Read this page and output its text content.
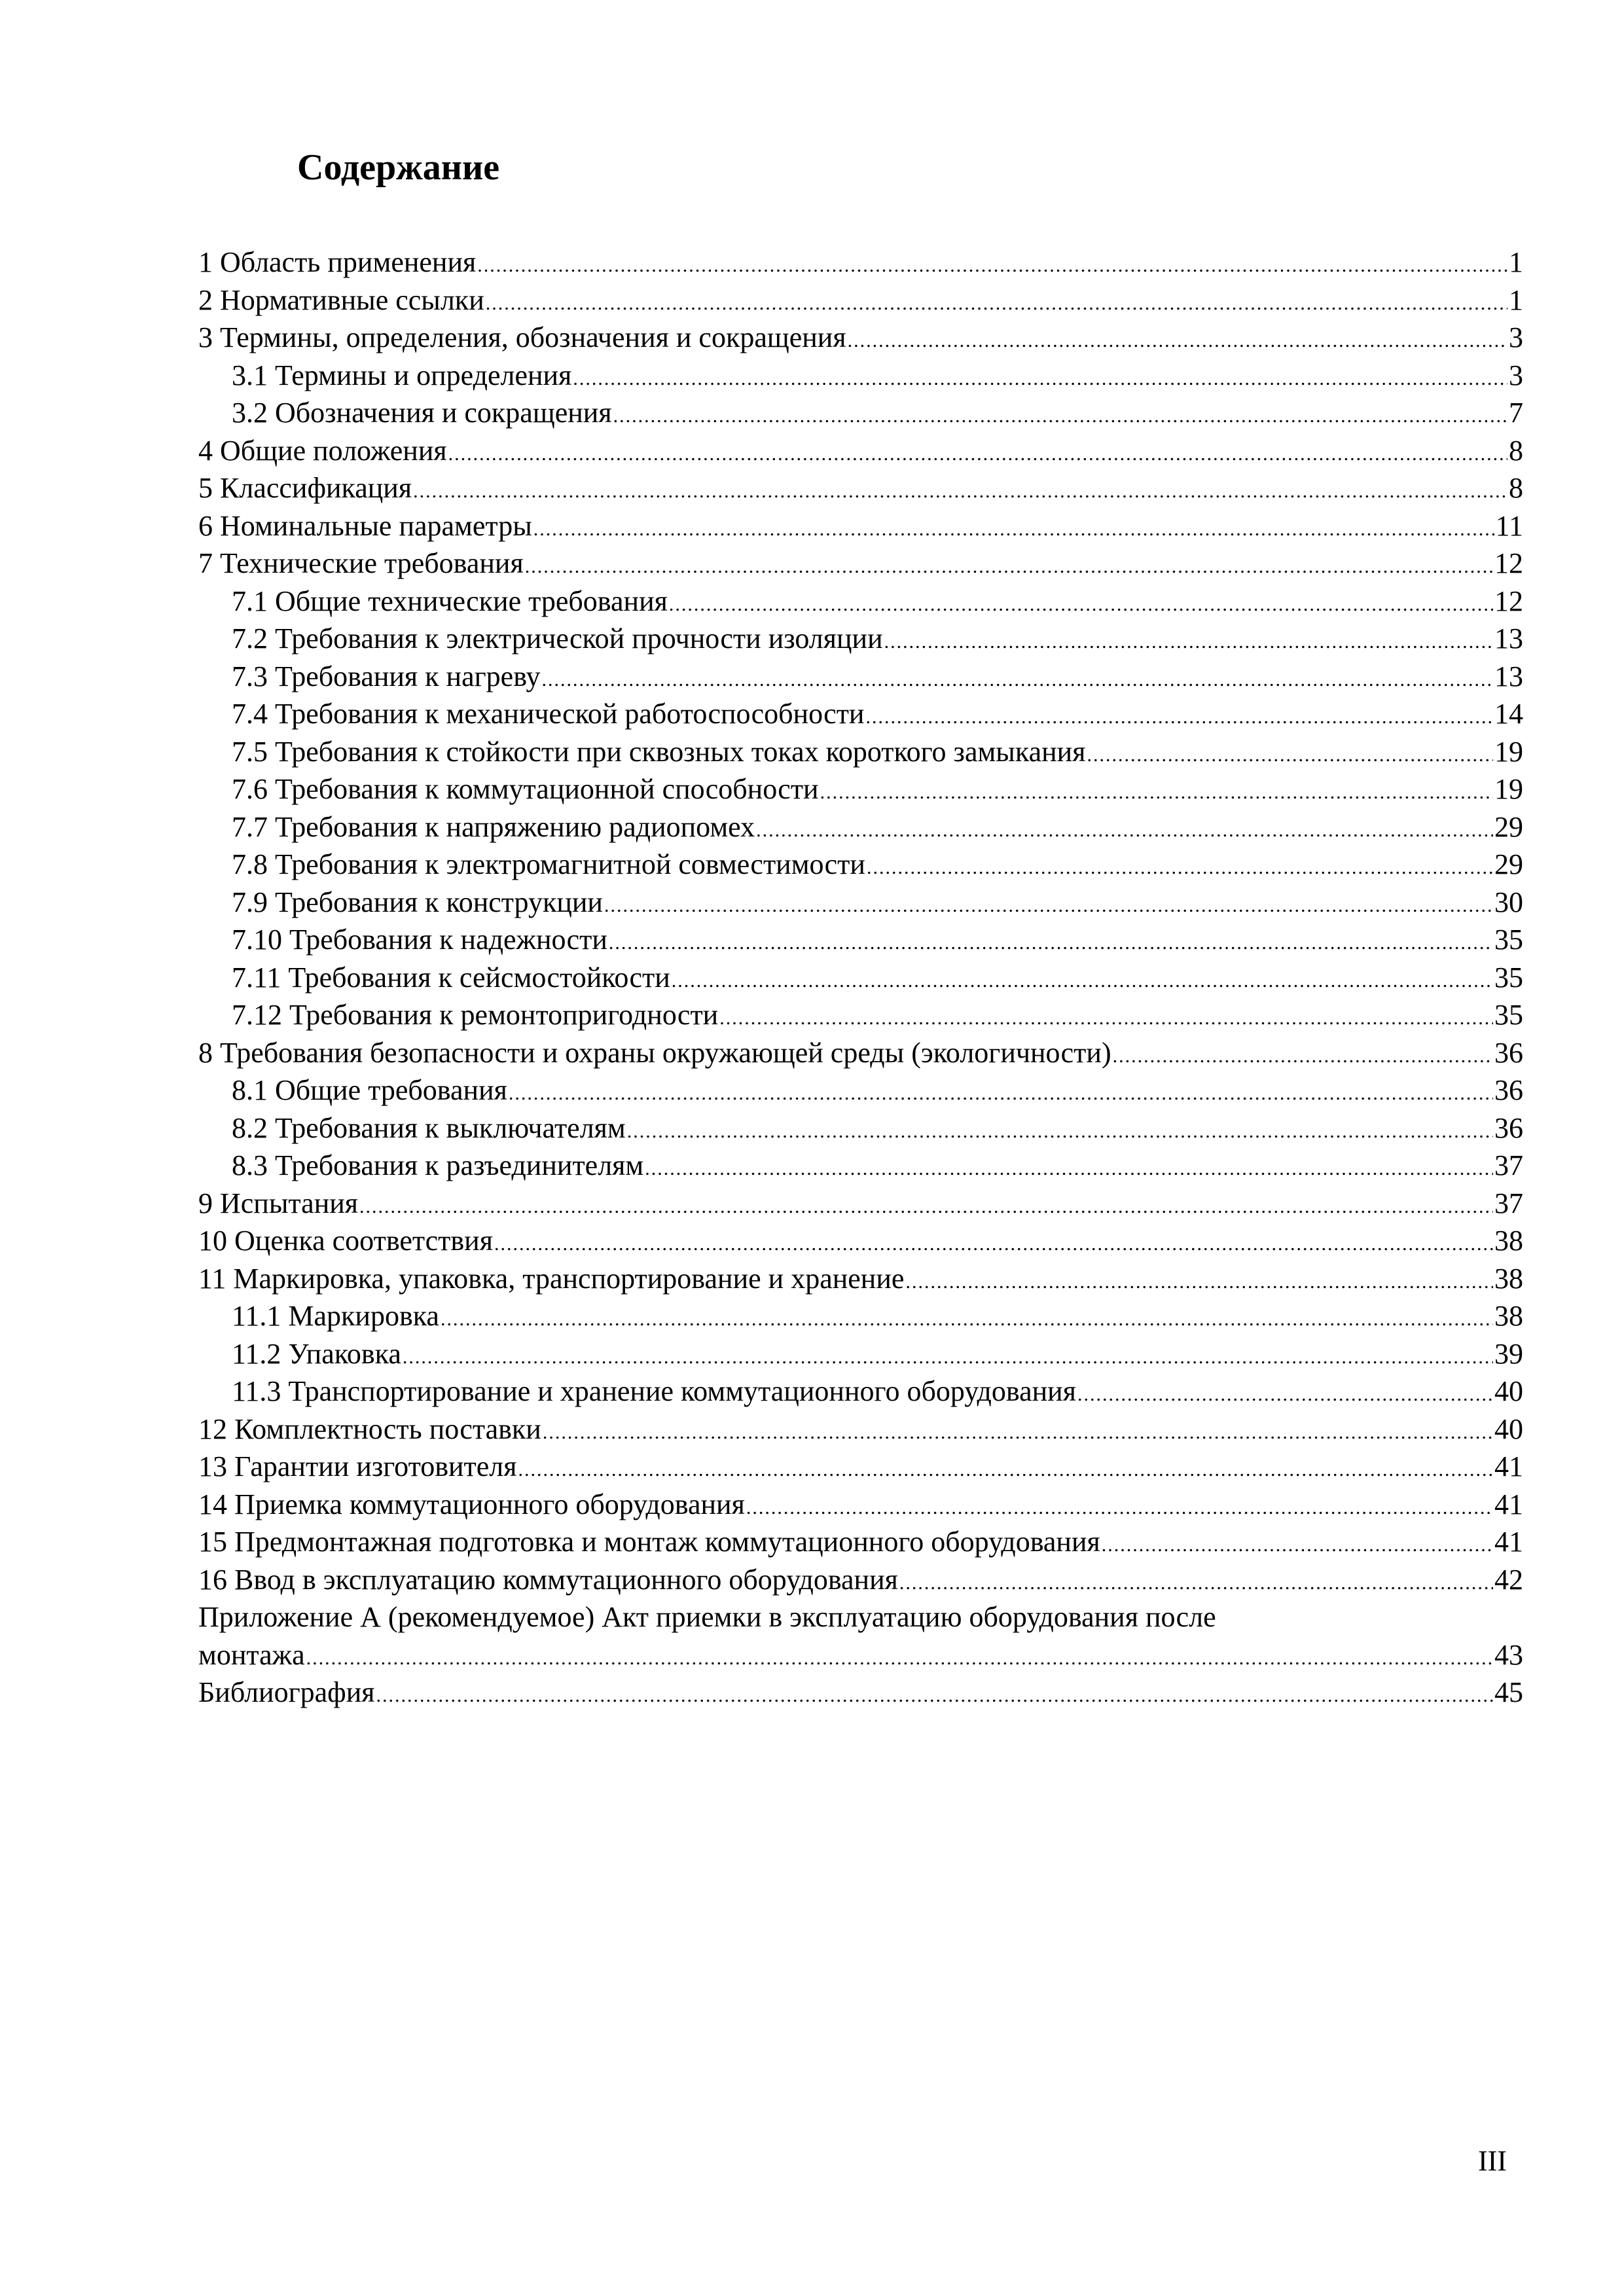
Содержание
1 Область применения .....	1
2 Нормативные ссылки .....	1
3 Термины, определения, обозначения и сокращения .....	3
3.1 Термины и определения .....	3
3.2 Обозначения и сокращения .....	7
4 Общие положения .....	8
5 Классификация .....	8
6 Номинальные параметры .....	11
7 Технические требования .....	12
7.1 Общие технические требования .....	12
7.2 Требования к электрической прочности изоляции .....	13
7.3 Требования к нагреву .....	13
7.4 Требования к механической работоспособности .....	14
7.5 Требования к стойкости при сквозных токах короткого замыкания .....	19
7.6 Требования к коммутационной способности .....	19
7.7 Требования к напряжению радиопомех .....	29
7.8 Требования к электромагнитной совместимости .....	29
7.9 Требования к конструкции .....	30
7.10 Требования к надежности .....	35
7.11 Требования к сейсмостойкости .....	35
7.12 Требования к ремонтопригодности .....	35
8 Требования безопасности и охраны окружающей среды (экологичности) .....	36
8.1 Общие требования .....	36
8.2 Требования к выключателям .....	36
8.3 Требования к разъединителям .....	37
9 Испытания .....	37
10 Оценка соответствия .....	38
11 Маркировка, упаковка, транспортирование и хранение .....	38
11.1 Маркировка .....	38
11.2 Упаковка .....	39
11.3 Транспортирование и хранение коммутационного оборудования .....	40
12 Комплектность поставки .....	40
13 Гарантии изготовителя .....	41
14 Приемка коммутационного оборудования .....	41
15 Предмонтажная подготовка и монтаж коммутационного оборудования .....	41
16 Ввод в эксплуатацию коммутационного оборудования .....	42
Приложение А (рекомендуемое) Акт приемки в эксплуатацию оборудования после
монтажа .....	43
Библиография .....	45
III
